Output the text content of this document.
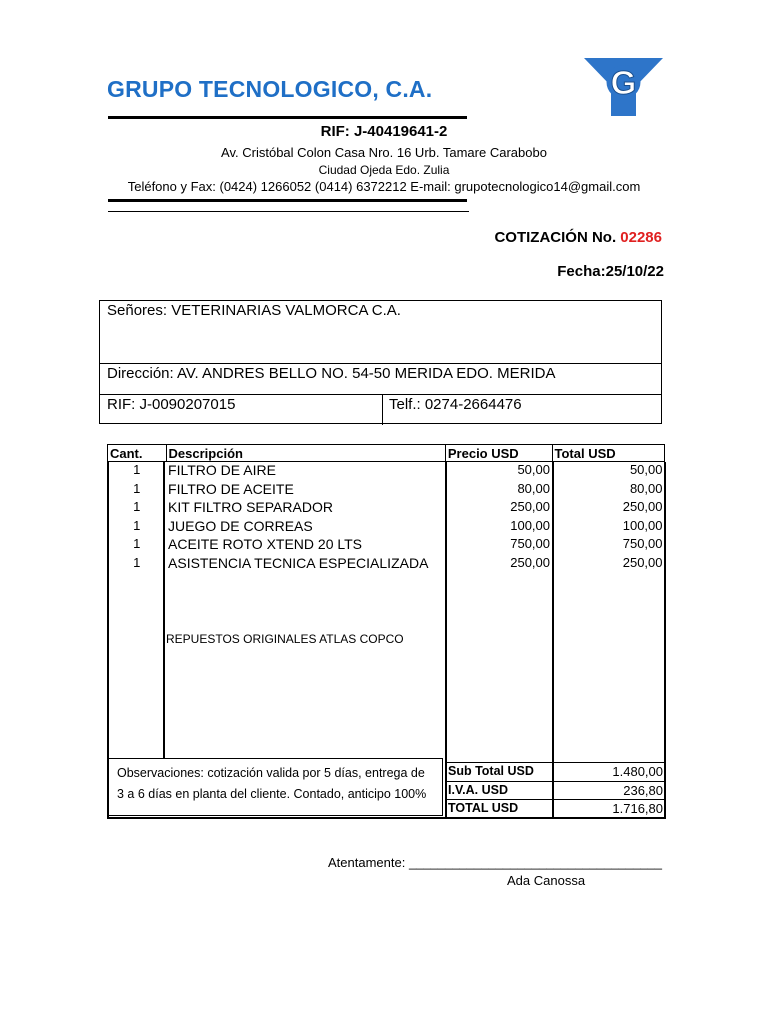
G
GRUPO TECNOLOGICO, C.A.
RIF: J-40419641-2
Av. Cristóbal Colon Casa Nro. 16 Urb. Tamare Carabobo
Ciudad Ojeda Edo. Zulia
Teléfono y Fax: (0424) 1266052 (0414) 6372212 E-mail: grupotecnologico14@gmail.com
COTIZACIÓN No. 02286
Fecha:25/10/22
Señores: VETERINARIAS VALMORCA C.A.
Dirección: AV. ANDRES BELLO NO. 54-50 MERIDA EDO. MERIDA
RIF: J-0090207015	Telf.: 0274-2664476
Cant.	Descripción	Precio USD	Total USD
1	FILTRO DE AIRE	50,00	50,00
1	FILTRO DE ACEITE	80,00	80,00
1	KIT FILTRO SEPARADOR	250,00	250,00
1	JUEGO DE CORREAS	100,00	100,00
1	ACEITE ROTO XTEND 20 LTS	750,00	750,00
1	ASISTENCIA TECNICA ESPECIALIZADA	250,00	250,00
REPUESTOS ORIGINALES ATLAS COPCO
Observaciones: cotización valida por 5 días, entrega de
3 a 6 días en planta del cliente. Contado, anticipo 100%
Sub Total USD	1.480,00
I.V.A. USD	236,80
TOTAL USD	1.716,80
Atentamente: ___________________________________
Ada Canossa
